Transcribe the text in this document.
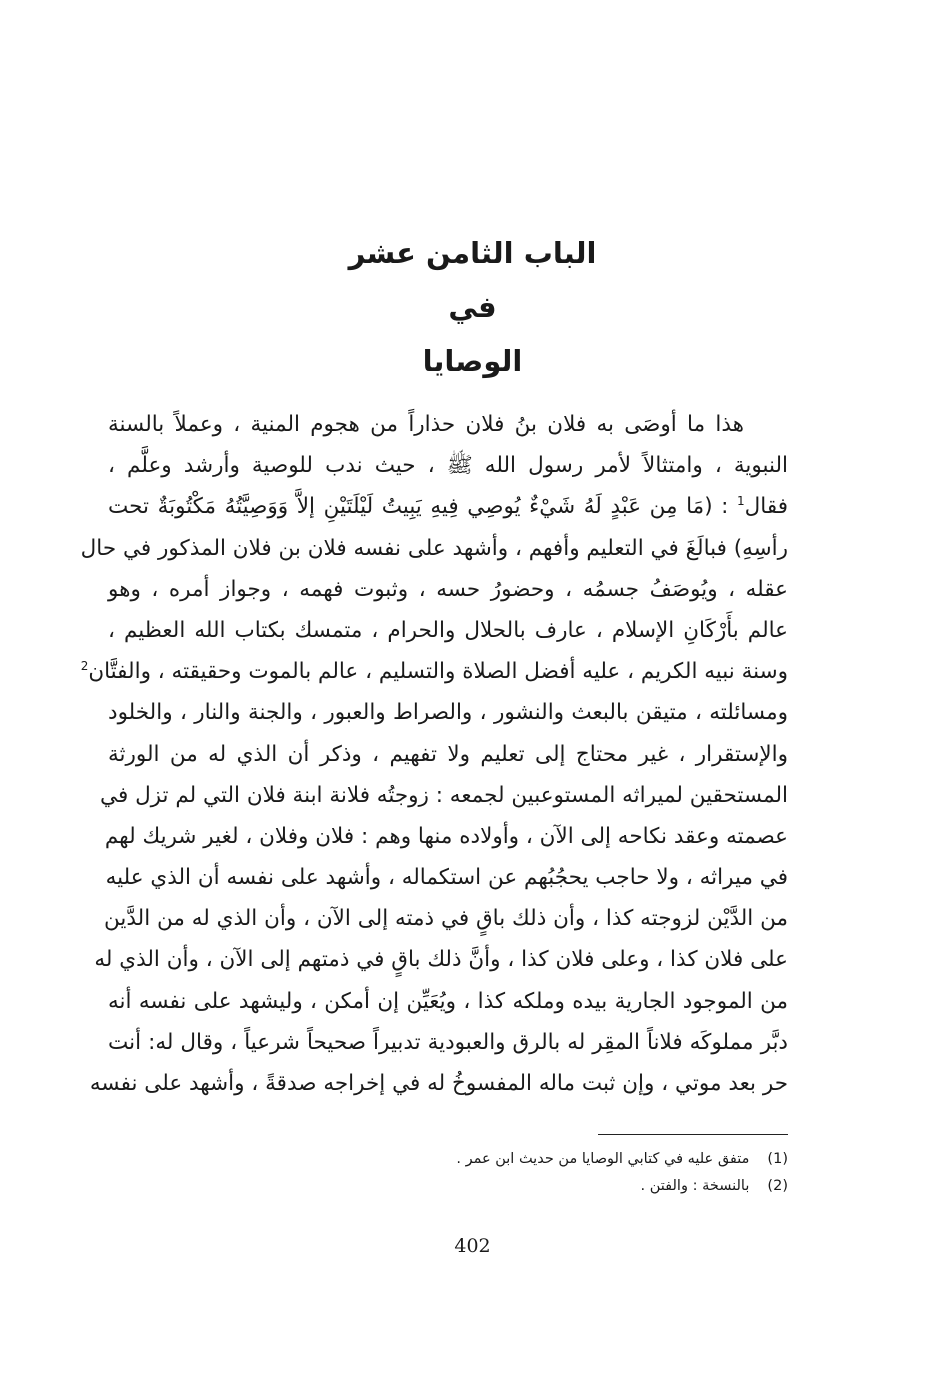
الباب الثامن عشر

في

الوصايا

هذا ما أوصَى به فلان بنُ فلان حذاراً من هجوم المنية ، وعملاً بالسنة
النبوية ، وامتثالاً لأمر رسول الله ﷺ ، حيث ندب للوصية وأرشد وعلَّم ،
فقال$^1$ : (مَا مِن عَبْدٍ لَهُ شَيْءٌ يُوصِي فِيهِ يَبِيتُ لَيْلَتَيْنِ إلاَّ وَوَصِيَّتُهُ مَكْتُوبَةٌ تحت
رأسِهِ) فبالَغَ في التعليم وأفهم ، وأشهد على نفسه فلان بن فلان المذكور في حال
عقله ، ويُوصَفُ جسمُه ، وحضورُ حسه ، وثبوت فهمه ، وجواز أمره ، وهو
عالم بأَرْكَانِ الإسلام ، عارف بالحلال والحرام ، متمسك بكتاب الله العظيم ،
وسنة نبيه الكريم ، عليه أفضل الصلاة والتسليم ، عالم بالموت وحقيقته ، والفتَّان$^2$
ومسائلته ، متيقن بالبعث والنشور ، والصراط والعبور ، والجنة والنار ، والخلود
والإستقرار ، غير محتاج إلى تعليم ولا تفهيم ، وذكر أن الذي له من الورثة
المستحقين لميراثه المستوعبين لجمعه : زوجتُه فلانة ابنة فلان التي لم تزل في
عصمته وعقد نكاحه إلى الآن ، وأولاده منها وهم : فلان وفلان ، لغير شريك لهم
في ميراثه ، ولا حاجب يحجُبُهم عن استكماله ، وأشهد على نفسه أن الذي عليه
من الدَّيْن لزوجته كذا ، وأن ذلك باقٍ في ذمته إلى الآن ، وأن الذي له من الدَّين
على فلان كذا ، وعلى فلان كذا ، وأنَّ ذلك باقٍ في ذمتهم إلى الآن ، وأن الذي له
من الموجود الجارية بيده وملكه كذا ، ويُعَيِّن إن أمكن ، وليشهد على نفسه أنه
دبَّر مملوكَه فلاناً المقِر له بالرق والعبودية تدبيراً صحيحاً شرعياً ، وقال له: أنت
حر بعد موتي ، وإن ثبت ماله المفسوخُ له في إخراجه صدقةً ، وأشهد على نفسه
(1) متفق عليه في كتابي الوصايا من حديث ابن عمر .
(2) بالنسخة : والفتن .
402
